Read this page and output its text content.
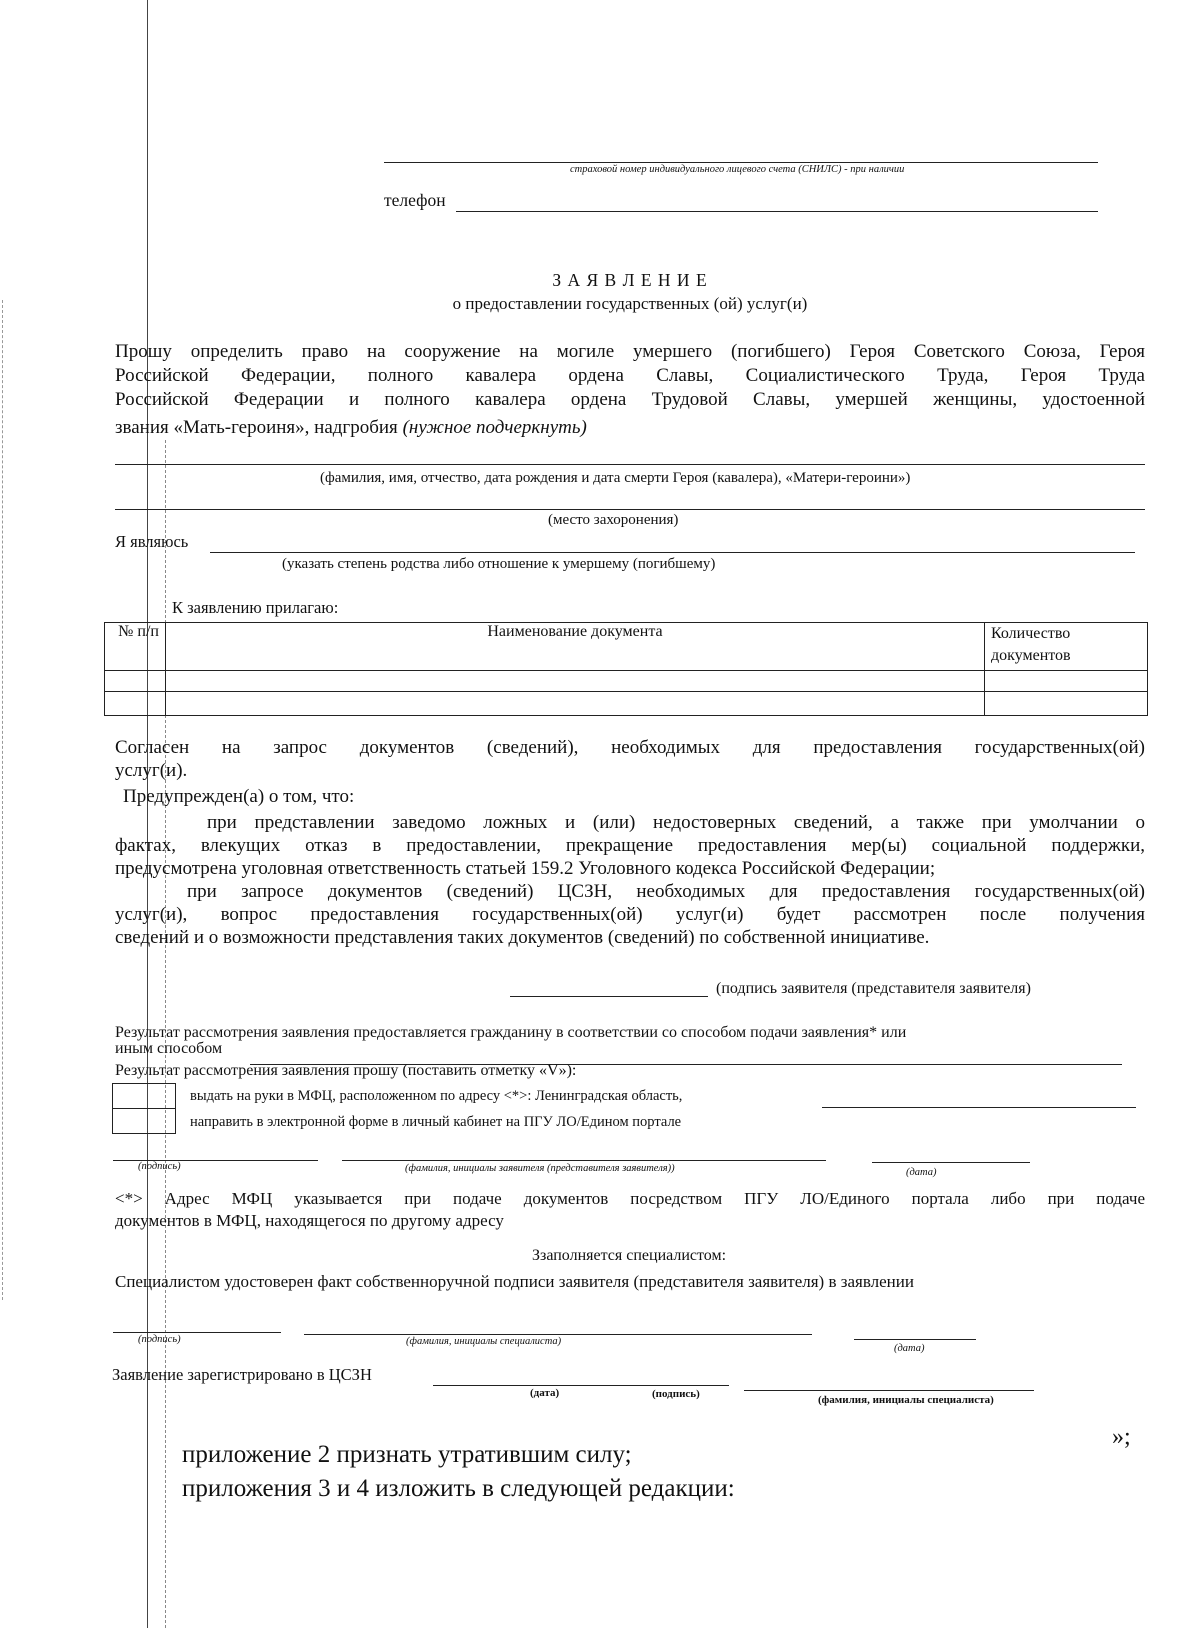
страховой номер индивидуального лицевого счета (СНИЛС) - при наличии
телефон
З А Я В Л Е Н И Е
о предоставлении государственных (ой) услуг(и)
Прошу определить право на сооружение на могиле умершего (погибшего) Героя Советского Союза, Героя
Российской Федерации, полного кавалера ордена Славы, Социалистического Труда, Героя Труда
Российской Федерации и полного кавалера ордена Трудовой Славы, умершей женщины, удостоенной
звания «Мать-героиня», надгробия (нужное подчеркнуть)
(фамилия, имя, отчество, дата рождения и дата смерти Героя (кавалера), «Матери-героини»)
(место захоронения)
Я являюсь
(указать степень родства либо отношение к умершему (погибшему)
К заявлению прилагаю:
№ п/п	Наименование документа	Количество документов

Согласен на запрос документов (сведений), необходимых для предоставления государственных(ой)
услуг(и).
Предупрежден(а) о том, что:
при представлении заведомо ложных и (или) недостоверных сведений, а также при умолчании о
фактах, влекущих отказ в предоставлении, прекращение предоставления мер(ы) социальной поддержки,
предусмотрена уголовная ответственность статьей 159.2 Уголовного кодекса Российской Федерации;
при запросе документов (сведений) ЦСЗН, необходимых для предоставления государственных(ой)
услуг(и), вопрос предоставления государственных(ой) услуг(и) будет рассмотрен после получения
сведений и о возможности представления таких документов (сведений) по собственной инициативе.
(подпись заявителя (представителя заявителя)
Результат рассмотрения заявления предоставляется гражданину в соответствии со способом подачи заявления* или
иным способом
Результат рассмотрения заявления прошу (поставить отметку «V»):
выдать на руки в МФЦ, расположенном по адресу <*>: Ленинградская область,
направить в электронной форме в личный кабинет на ПГУ ЛО/Едином портале
(подпись)	(фамилия, инициалы заявителя (представителя заявителя))	(дата)
<*> Адрес МФЦ указывается при подаче документов посредством ПГУ ЛО/Единого портала либо при подаче
документов в МФЦ, находящегося по другому адресу
Ззаполняется специалистом:
Специалистом удостоверен факт собственноручной подписи заявителя (представителя заявителя) в заявлении
(подпись)	(фамилия, инициалы специалиста)
(дата)
Заявление зарегистрировано в ЦСЗН
(дата)	(подпись)	(фамилия, инициалы специалиста)
»;
приложение 2 признать утратившим силу;
приложения 3 и 4 изложить в следующей редакции:
